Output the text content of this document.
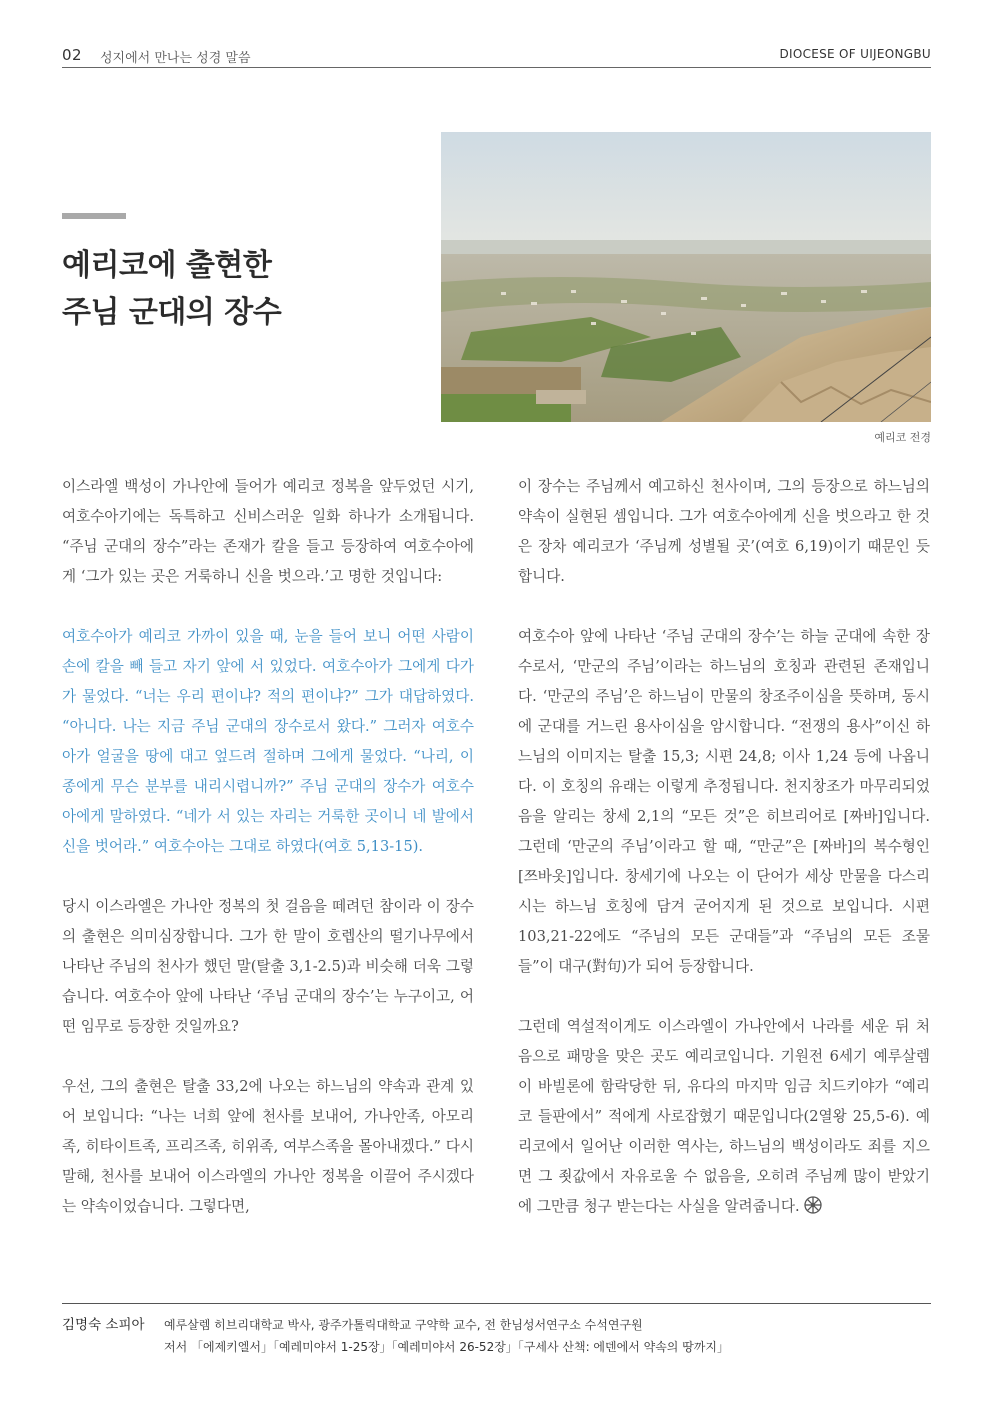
02 성지에서 만나는 성경 말씀	DIOCESE OF UIJEONGBU
예리코에 출현한
주님 군대의 장수
예리코 전경

이스라엘 백성이 가나안에 들어가 예리코 정복을 앞두었던 시기, 여호수아기에는 독특하고 신비스러운 일화 하나가 소개됩니다. “주님 군대의 장수”라는 존재가 칼을 들고 등장하여 여호수아에게 ‘그가 있는 곳은 거룩하니 신을 벗으라.’고 명한 것입니다:

여호수아가 예리코 가까이 있을 때, 눈을 들어 보니 어떤 사람이 손에 칼을 빼 들고 자기 앞에 서 있었다. 여호수아가 그에게 다가가 물었다. “너는 우리 편이냐? 적의 편이냐?” 그가 대답하였다. “아니다. 나는 지금 주님 군대의 장수로서 왔다.” 그러자 여호수아가 얼굴을 땅에 대고 엎드려 절하며 그에게 물었다. “나리, 이 종에게 무슨 분부를 내리시렵니까?” 주님 군대의 장수가 여호수아에게 말하였다. “네가 서 있는 자리는 거룩한 곳이니 네 발에서 신을 벗어라.” 여호수아는 그대로 하였다(여호 5,13-15).

당시 이스라엘은 가나안 정복의 첫 걸음을 떼려던 참이라 이 장수의 출현은 의미심장합니다. 그가 한 말이 호렙산의 떨기나무에서 나타난 주님의 천사가 했던 말(탈출 3,1-2.5)과 비슷해 더욱 그렇습니다. 여호수아 앞에 나타난 ‘주님 군대의 장수’는 누구이고, 어떤 임무로 등장한 것일까요?

우선, 그의 출현은 탈출 33,2에 나오는 하느님의 약속과 관계 있어 보입니다: “나는 너희 앞에 천사를 보내어, 가나안족, 아모리족, 히타이트족, 프리즈족, 히위족, 여부스족을 몰아내겠다.” 다시 말해, 천사를 보내어 이스라엘의 가나안 정복을 이끌어 주시겠다는 약속이었습니다. 그렇다면,

이 장수는 주님께서 예고하신 천사이며, 그의 등장으로 하느님의 약속이 실현된 셈입니다. 그가 여호수아에게 신을 벗으라고 한 것은 장차 예리코가 ‘주님께 성별될 곳’(여호 6,19)이기 때문인 듯합니다.

여호수아 앞에 나타난 ‘주님 군대의 장수’는 하늘 군대에 속한 장수로서, ‘만군의 주님’이라는 하느님의 호칭과 관련된 존재입니다. ‘만군의 주님’은 하느님이 만물의 창조주이심을 뜻하며, 동시에 군대를 거느린 용사이심을 암시합니다. “전쟁의 용사”이신 하느님의 이미지는 탈출 15,3; 시편 24,8; 이사 1,24 등에 나옵니다. 이 호칭의 유래는 이렇게 추정됩니다. 천지창조가 마무리되었음을 알리는 창세 2,1의 “모든 것”은 히브리어로 [짜바]입니다. 그런데 ‘만군의 주님’이라고 할 때, “만군”은 [짜바]의 복수형인 [쯔바옷]입니다. 창세기에 나오는 이 단어가 세상 만물을 다스리시는 하느님 호칭에 담겨 굳어지게 된 것으로 보입니다. 시편 103,21-22에도 “주님의 모든 군대들”과 “주님의 모든 조물들”이 대구(對句)가 되어 등장합니다.

그런데 역설적이게도 이스라엘이 가나안에서 나라를 세운 뒤 처음으로 패망을 맞은 곳도 예리코입니다. 기원전 6세기 예루살렘이 바빌론에 함락당한 뒤, 유다의 마지막 임금 치드키야가 “예리코 들판에서” 적에게 사로잡혔기 때문입니다(2열왕 25,5-6). 예리코에서 일어난 이러한 역사는, 하느님의 백성이라도 죄를 지으면 그 죗값에서 자유로울 수 없음을, 오히려 주님께 많이 받았기에 그만큼 청구 받는다는 사실을 알려줍니다.

김명숙 소피아 예루살렘 히브리대학교 박사, 광주가톨릭대학교 구약학 교수, 전 한님성서연구소 수석연구원
저서 「에제키엘서」「예레미야서 1-25장」「예레미야서 26-52장」「구세사 산책: 에덴에서 약속의 땅까지」
